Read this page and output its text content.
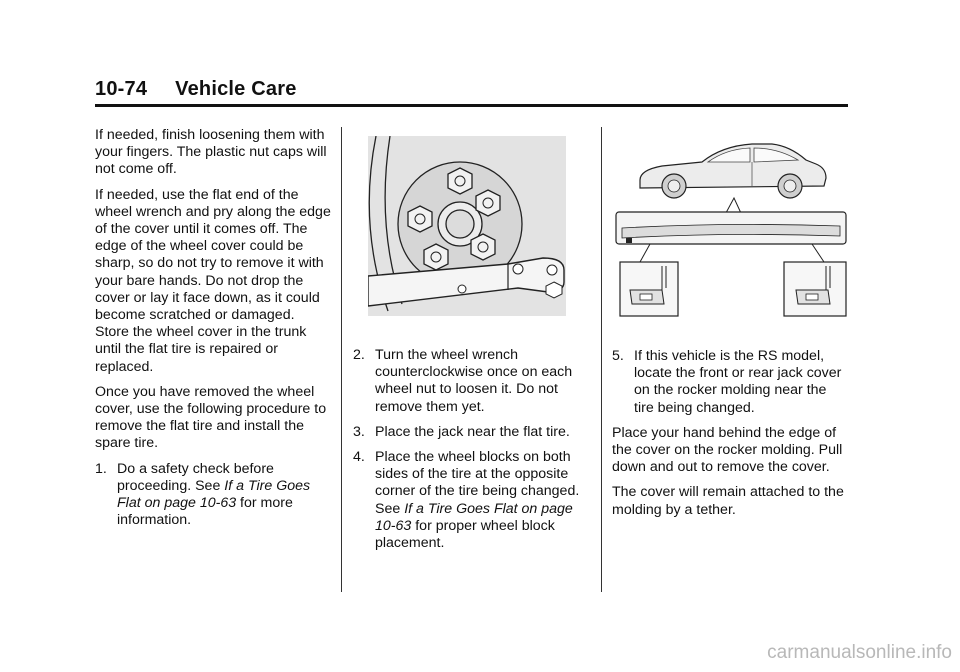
10-74 Vehicle Care

If needed, finish loosening them with your fingers. The plastic nut caps will not come off.

If needed, use the flat end of the wheel wrench and pry along the edge of the cover until it comes off. The edge of the wheel cover could be sharp, so do not try to remove it with your bare hands. Do not drop the cover or lay it face down, as it could become scratched or damaged. Store the wheel cover in the trunk until the flat tire is repaired or replaced.

Once you have removed the wheel cover, use the following procedure to remove the flat tire and install the spare tire.

1. Do a safety check before proceeding. See If a Tire Goes Flat on page 10-63 for more information.
2. Turn the wheel wrench counterclockwise once on each wheel nut to loosen it. Do not remove them yet.
3. Place the jack near the flat tire.
4. Place the wheel blocks on both sides of the tire at the opposite corner of the tire being changed. See If a Tire Goes Flat on page 10-63 for proper wheel block placement.
5. If this vehicle is the RS model, locate the front or rear jack cover on the rocker molding near the tire being changed.

Place your hand behind the edge of the cover on the rocker molding. Pull down and out to remove the cover.

The cover will remain attached to the molding by a tether.

carmanualsonline.info
